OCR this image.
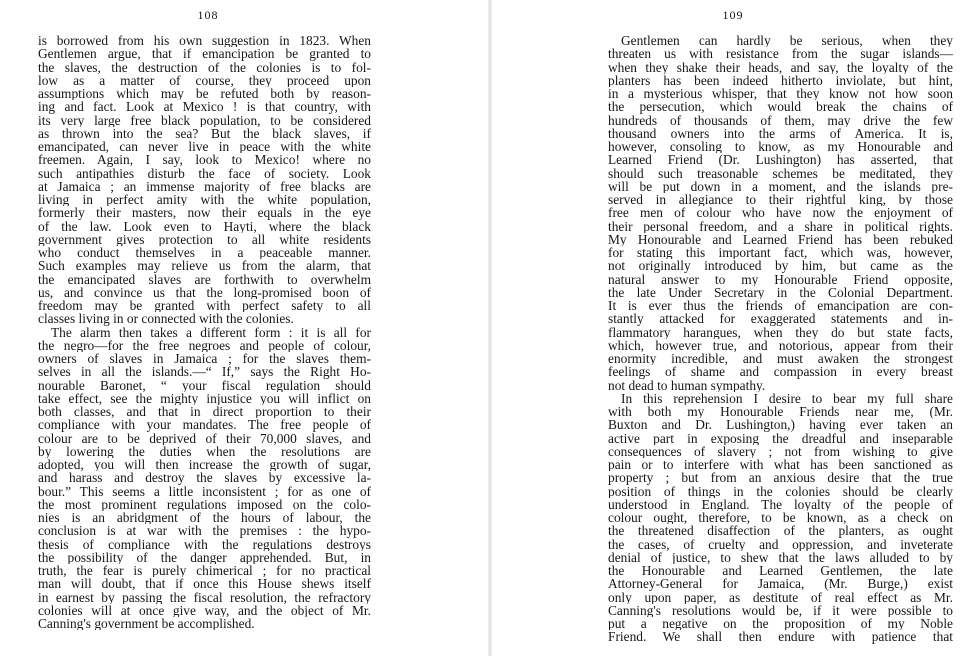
108
is borrowed from his own suggestion in 1823. When
Gentlemen argue, that if emancipation be granted to
the slaves, the destruction of the colonies is to fol-
low as a matter of course, they proceed upon
assumptions which may be refuted both by reason-
ing and fact. Look at Mexico ! is that country, with
its very large free black population, to be considered
as thrown into the sea? But the black slaves, if
emancipated, can never live in peace with the white
freemen. Again, I say, look to Mexico! where no
such antipathies disturb the face of society. Look
at Jamaica ; an immense majority of free blacks are
living in perfect amity with the white population,
formerly their masters, now their equals in the eye
of the law. Look even to Hayti, where the black
government gives protection to all white residents
who conduct themselves in a peaceable manner.
Such examples may relieve us from the alarm, that
the emancipated slaves are forthwith to overwhelm
us, and convince us that the long-promised boon of
freedom may be granted with perfect safety to all
classes living in or connected with the colonies.
The alarm then takes a different form : it is all for
the negro—for the free negroes and people of colour,
owners of slaves in Jamaica ; for the slaves them-
selves in all the islands.—“ If,” says the Right Ho-
nourable Baronet, “ your fiscal regulation should
take effect, see the mighty injustice you will inflict on
both classes, and that in direct proportion to their
compliance with your mandates. The free people of
colour are to be deprived of their 70,000 slaves, and
by lowering the duties when the resolutions are
adopted, you will then increase the growth of sugar,
and harass and destroy the slaves by excessive la-
bour.” This seems a little inconsistent ; for as one of
the most prominent regulations imposed on the colo-
nies is an abridgment of the hours of labour, the
conclusion is at war with the premises : the hypo-
thesis of compliance with the regulations destroys
the possibility of the danger apprehended. But, in
truth, the fear is purely chimerical ; for no practical
man will doubt, that if once this House shews itself
in earnest by passing the fiscal resolution, the refractory
colonies will at once give way, and the object of Mr.
Canning's government be accomplished.
109
Gentlemen can hardly be serious, when they
threaten us with resistance from the sugar islands—
when they shake their heads, and say, the loyalty of the
planters has been indeed hitherto inviolate, but hint,
in a mysterious whisper, that they know not how soon
the persecution, which would break the chains of
hundreds of thousands of them, may drive the few
thousand owners into the arms of America. It is,
however, consoling to know, as my Honourable and
Learned Friend (Dr. Lushington) has asserted, that
should such treasonable schemes be meditated, they
will be put down in a moment, and the islands pre-
served in allegiance to their rightful king, by those
free men of colour who have now the enjoyment of
their personal freedom, and a share in political rights.
My Honourable and Learned Friend has been rebuked
for stating this important fact, which was, however,
not originally introduced by him, but came as the
natural answer to my Honourable Friend opposite,
the late Under Secretary in the Colonial Department.
It is ever thus the friends of emancipation are con-
stantly attacked for exaggerated statements and in-
flammatory harangues, when they do but state facts,
which, however true, and notorious, appear from their
enormity incredible, and must awaken the strongest
feelings of shame and compassion in every breast
not dead to human sympathy.
In this reprehension I desire to bear my full share
with both my Honourable Friends near me, (Mr.
Buxton and Dr. Lushington,) having ever taken an
active part in exposing the dreadful and inseparable
consequences of slavery ; not from wishing to give
pain or to interfere with what has been sanctioned as
property ; but from an anxious desire that the true
position of things in the colonies should be clearly
understood in England. The loyalty of the people of
colour ought, therefore, to be known, as a check on
the threatened disaffection of the planters, as ought
the cases, of cruelty and oppression, and inveterate
denial of justice, to shew that the laws alluded to by
the Honourable and Learned Gentlemen, the late
Attorney-General for Jamaica, (Mr. Burge,) exist
only upon paper, as destitute of real effect as Mr.
Canning's resolutions would be, if it were possible to
put a negative on the proposition of my Noble
Friend. We shall then endure with patience that
